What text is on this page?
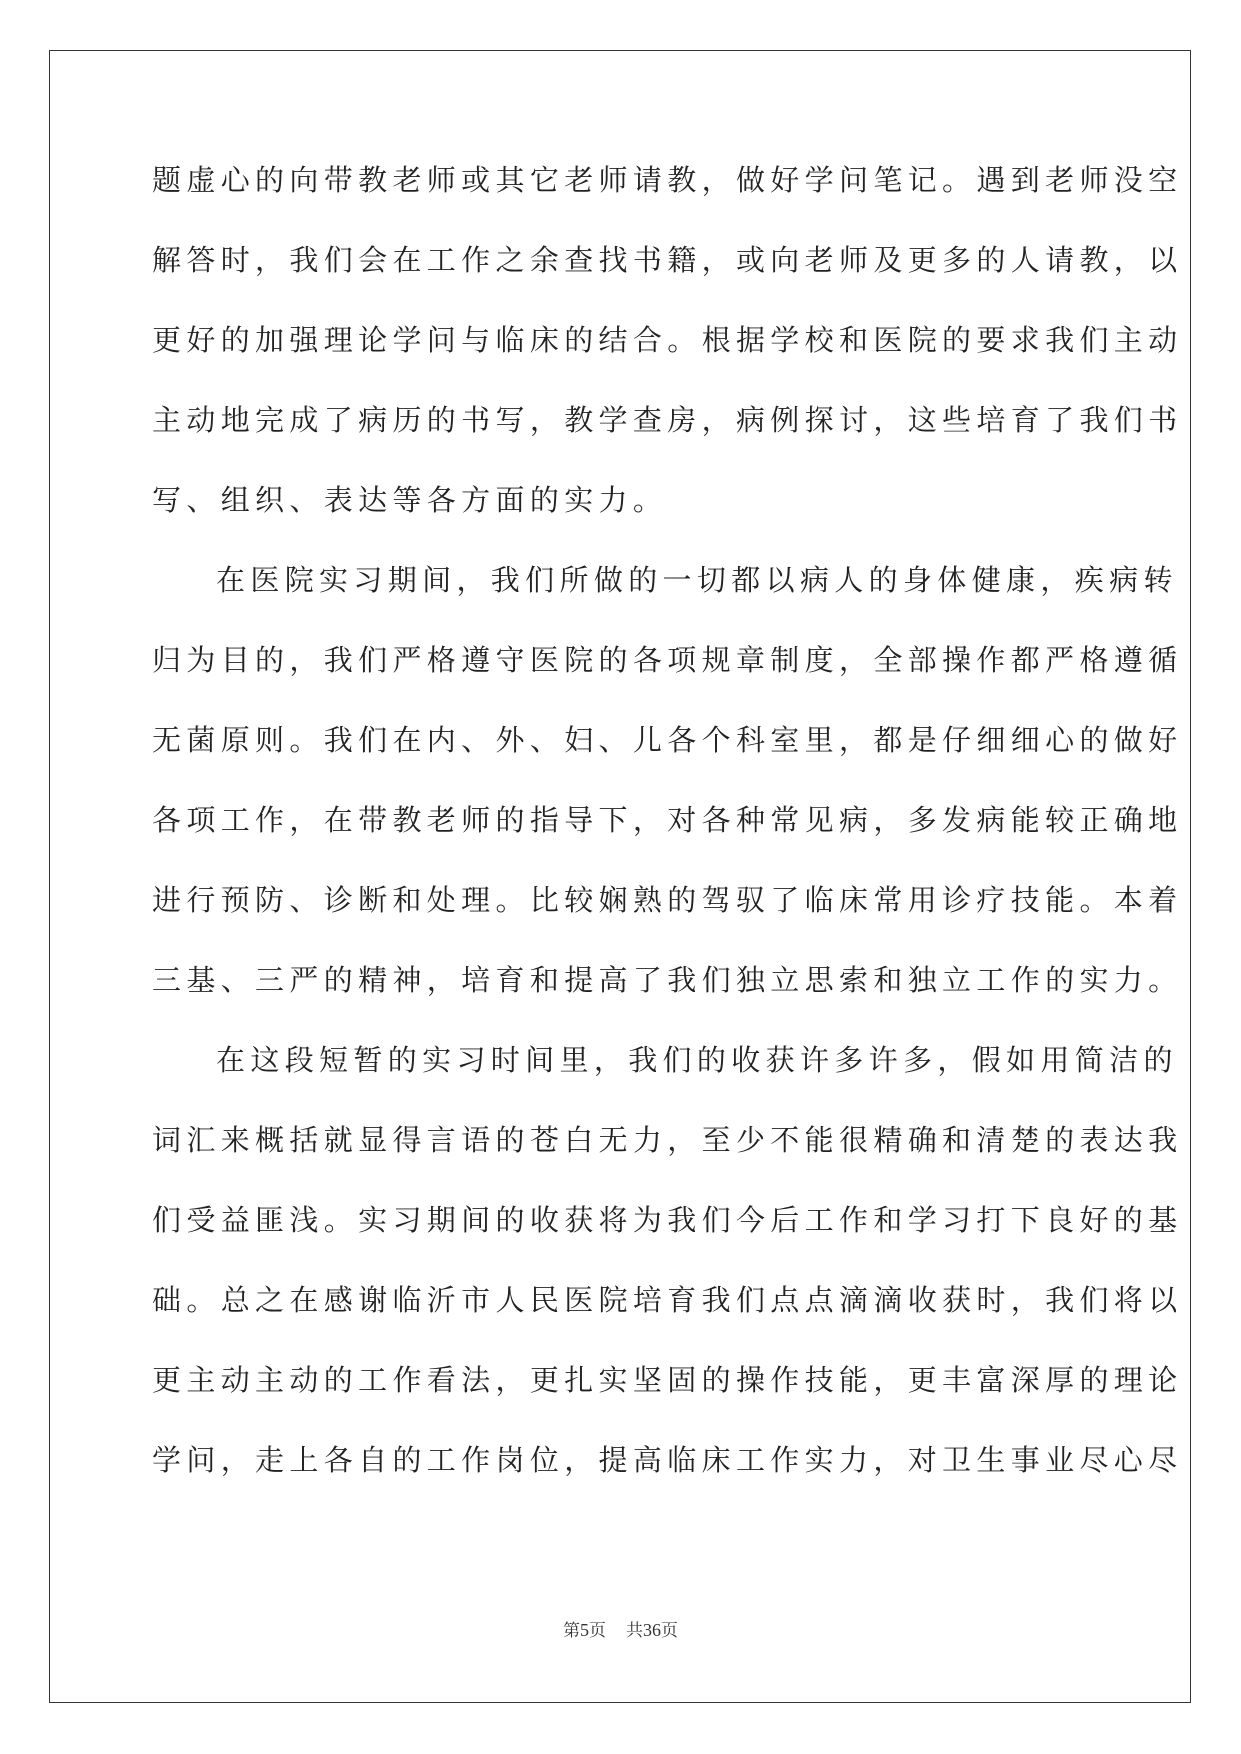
题虚心的向带教老师或其它老师请教，做好学问笔记。遇到老师没空
解答时，我们会在工作之余查找书籍，或向老师及更多的人请教，以
更好的加强理论学问与临床的结合。根据学校和医院的要求我们主动
主动地完成了病历的书写，教学查房，病例探讨，这些培育了我们书
写、组织、表达等各方面的实力。
在医院实习期间，我们所做的一切都以病人的身体健康，疾病转
归为目的，我们严格遵守医院的各项规章制度，全部操作都严格遵循
无菌原则。我们在内、外、妇、儿各个科室里，都是仔细细心的做好
各项工作，在带教老师的指导下，对各种常见病，多发病能较正确地
进行预防、诊断和处理。比较娴熟的驾驭了临床常用诊疗技能。本着
三基、三严的精神，培育和提高了我们独立思索和独立工作的实力。
在这段短暂的实习时间里，我们的收获许多许多，假如用简洁的
词汇来概括就显得言语的苍白无力，至少不能很精确和清楚的表达我
们受益匪浅。实习期间的收获将为我们今后工作和学习打下良好的基
础。总之在感谢临沂市人民医院培育我们点点滴滴收获时，我们将以
更主动主动的工作看法，更扎实坚固的操作技能，更丰富深厚的理论
学问，走上各自的工作岗位，提高临床工作实力，对卫生事业尽心尽
第5页 共36页
